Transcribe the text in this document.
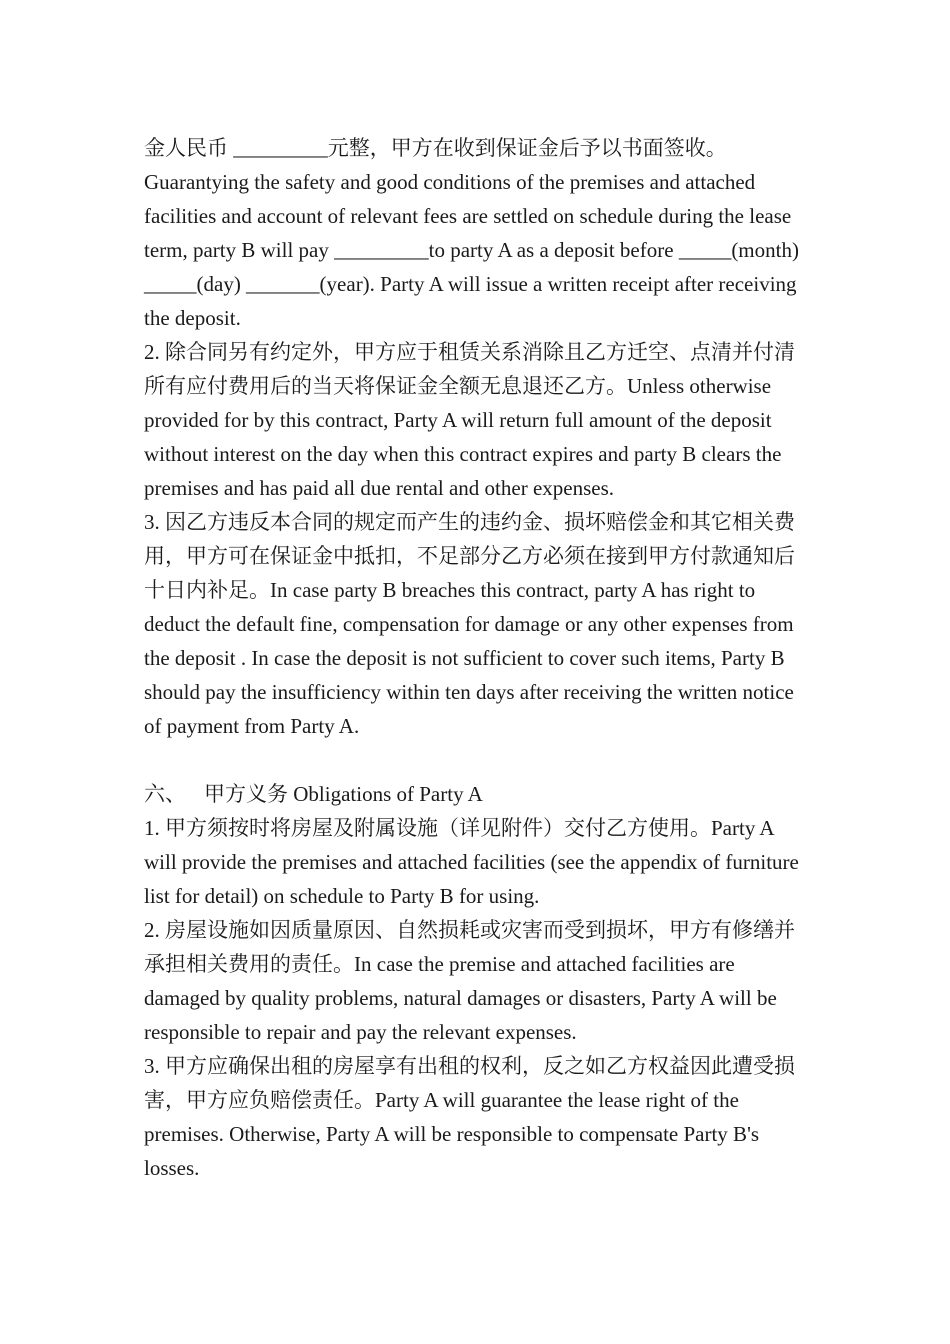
金人民币 _________元整，甲方在收到保证金后予以书面签收。Guarantying the safety and good conditions of the premises and attached facilities and account of relevant fees are settled on schedule during the lease term, party B will pay _________to party A as a deposit before _____(month) _____(day) _______(year). Party A will issue a written receipt after receiving the deposit.

2. 除合同另有约定外，甲方应于租赁关系消除且乙方迁空、点清并付清所有应付费用后的当天将保证金全额无息退还乙方。Unless otherwise provided for by this contract, Party A will return full amount of the deposit without interest on the day when this contract expires and party B clears the premises and has paid all due rental and other expenses.

3. 因乙方违反本合同的规定而产生的违约金、损坏赔偿金和其它相关费用，甲方可在保证金中抵扣，不足部分乙方必须在接到甲方付款通知后十日内补足。In case party B breaches this contract, party A has right to deduct the default fine, compensation for damage or any other expenses from the deposit . In case the deposit is not sufficient to cover such items, Party B should pay the insufficiency within ten days after receiving the written notice of payment from Party A.

六、 甲方义务 Obligations of Party A

1. 甲方须按时将房屋及附属设施（详见附件）交付乙方使用。Party A will provide the premises and attached facilities (see the appendix of furniture list for detail) on schedule to Party B for using.

2. 房屋设施如因质量原因、自然损耗或灾害而受到损坏，甲方有修缮并承担相关费用的责任。In case the premise and attached facilities are damaged by quality problems, natural damages or disasters, Party A will be responsible to repair and pay the relevant expenses.

3. 甲方应确保出租的房屋享有出租的权利，反之如乙方权益因此遭受损害，甲方应负赔偿责任。Party A will guarantee the lease right of the premises. Otherwise, Party A will be responsible to compensate Party B's losses.
